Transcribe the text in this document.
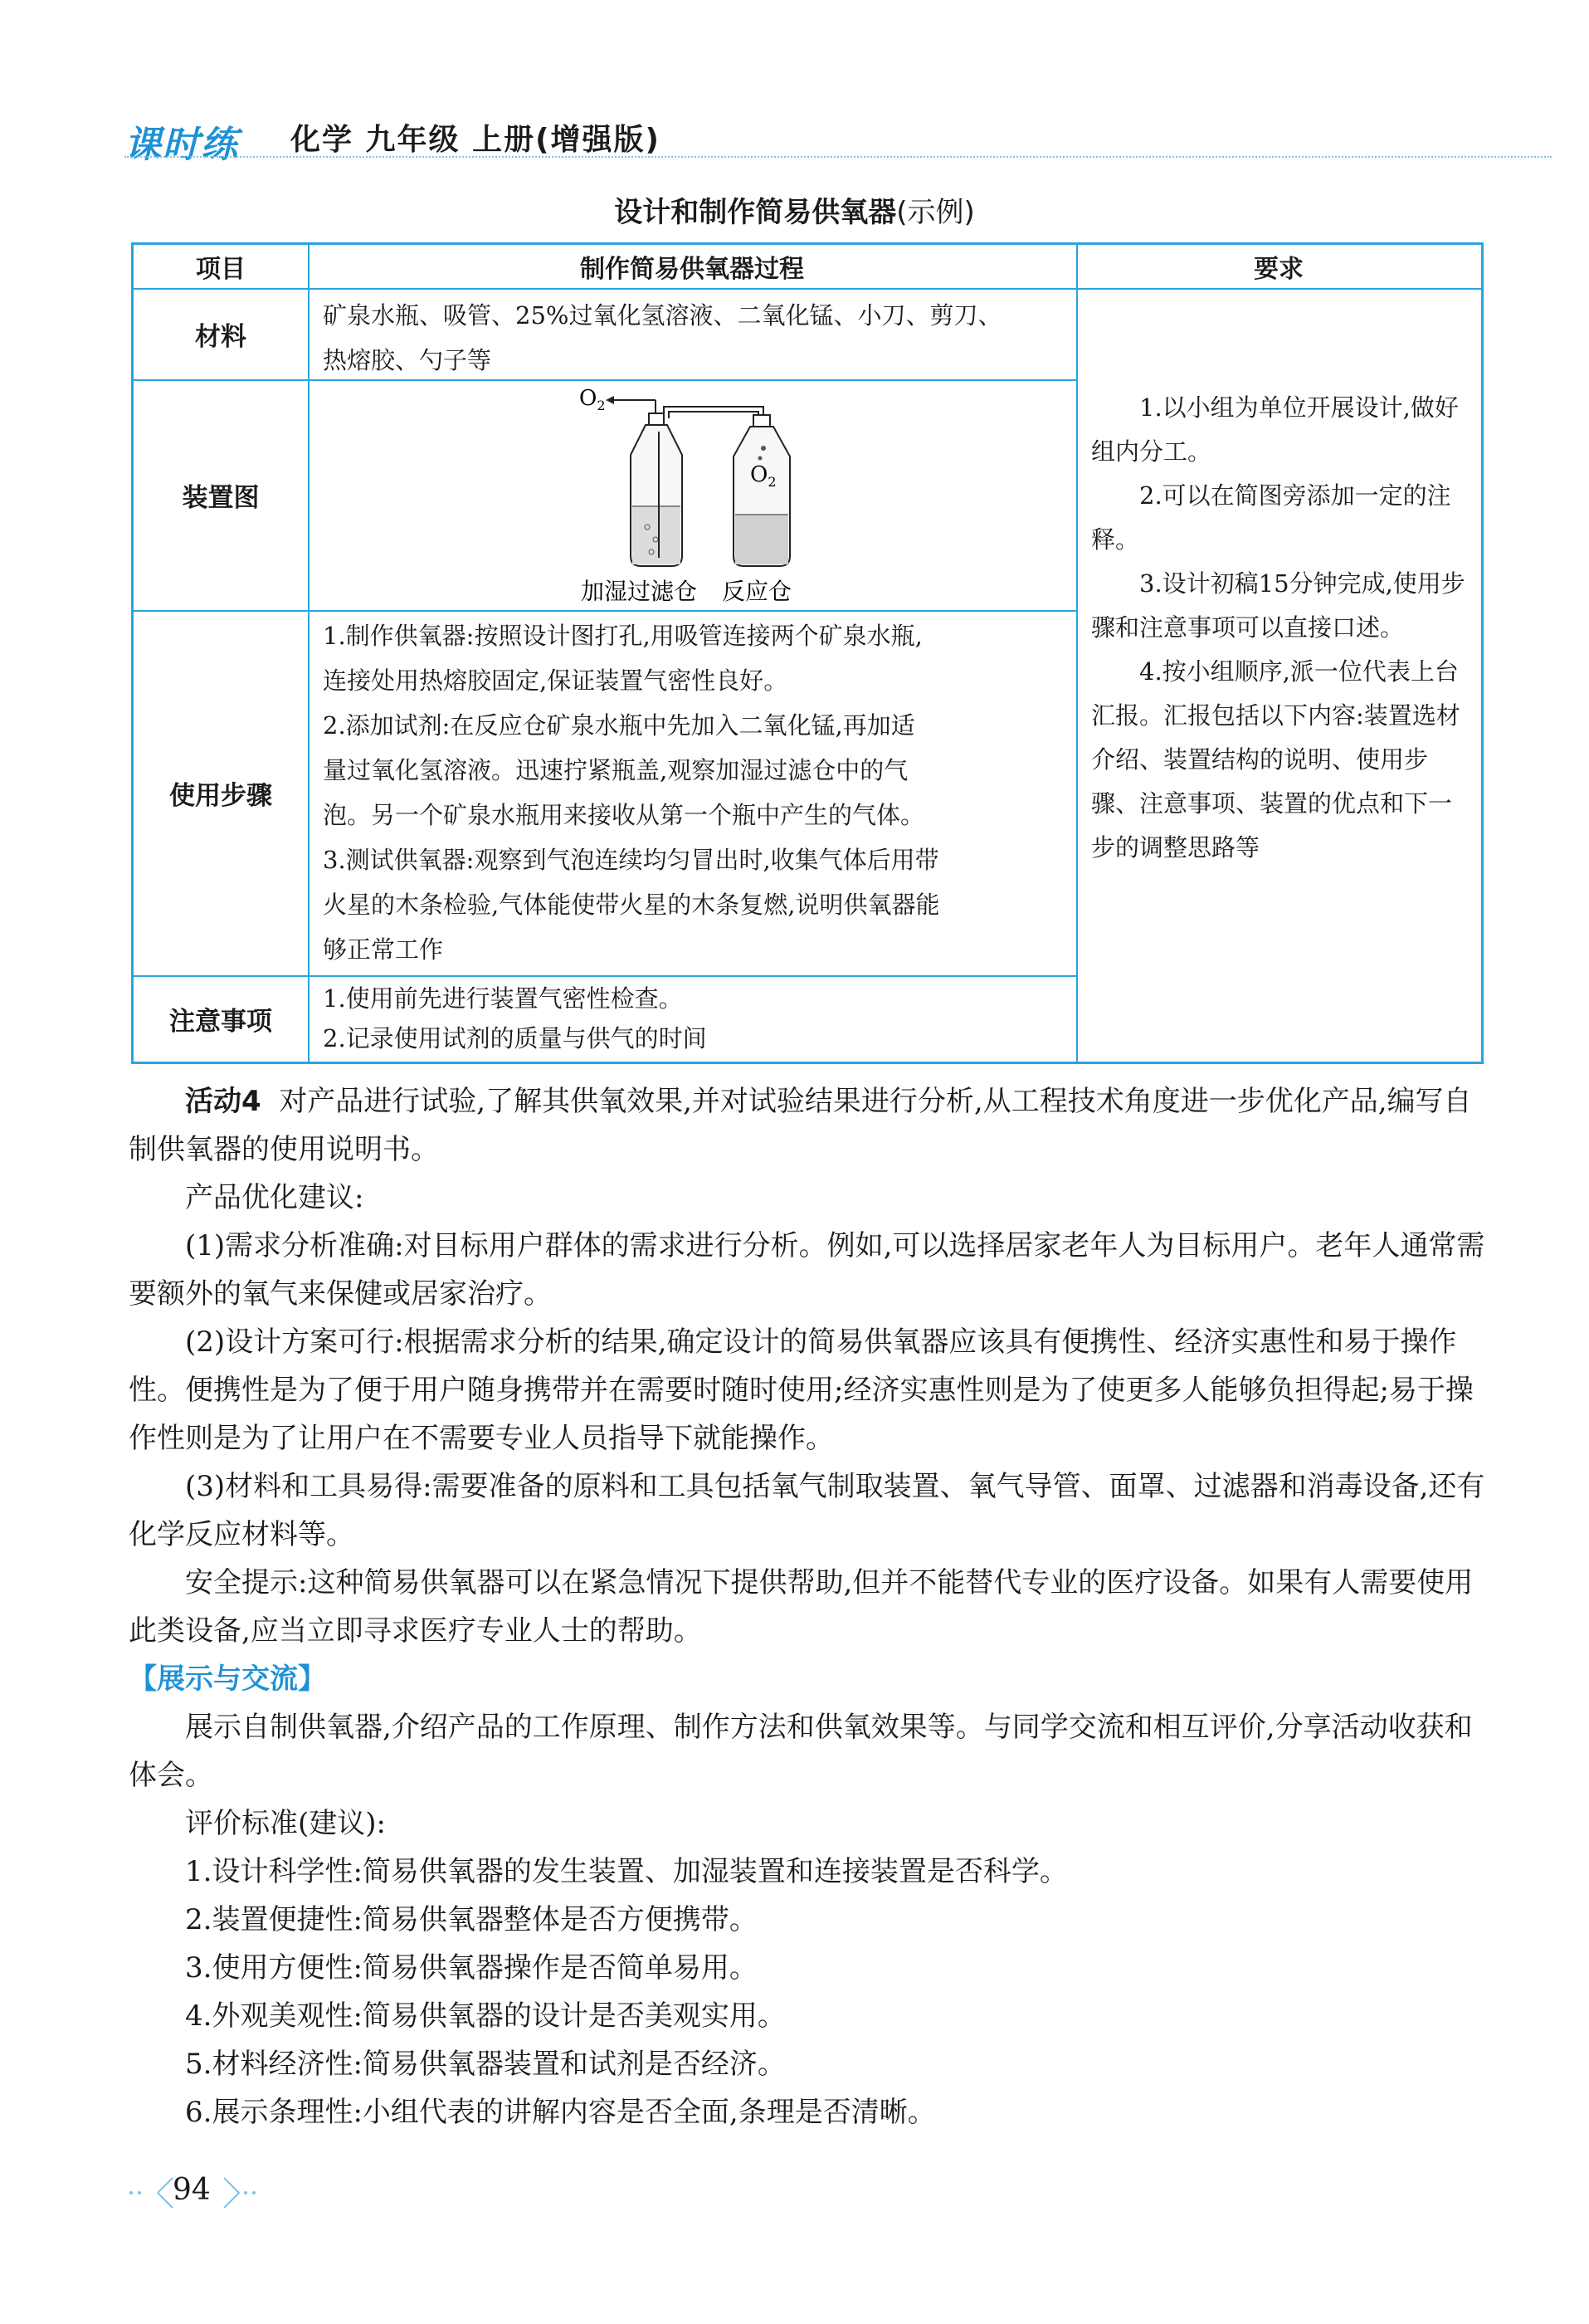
课时练 化学 九年级 上册(增强版)
设计和制作简易供氧器(示例)
项目	制作简易供氧器过程	要求
材料
装置图
使用步骤
注意事项
矿泉水瓶、吸管、25%过氧化氢溶液、二氧化锰、小刀、剪刀、
热熔胶、勺子等
1.制作供氧器:按照设计图打孔,用吸管连接两个矿泉水瓶,
连接处用热熔胶固定,保证装置气密性良好。
2.添加试剂:在反应仓矿泉水瓶中先加入二氧化锰,再加适
量过氧化氢溶液。迅速拧紧瓶盖,观察加湿过滤仓中的气
泡。另一个矿泉水瓶用来接收从第一个瓶中产生的气体。
3.测试供氧器:观察到气泡连续均匀冒出时,收集气体后用带
火星的木条检验,气体能使带火星的木条复燃,说明供氧器能
够正常工作
1.使用前先进行装置气密性检查。
2.记录使用试剂的质量与供气的时间

1.以小组为单位开展设计,做好组内分工。

2.可以在简图旁添加一定的注释。

3.设计初稿15分钟完成,使用步骤和注意事项可以直接口述。

4.按小组顺序,派一位代表上台汇报。汇报包括以下内容:装置选材介绍、装置结构的说明、使用步骤、注意事项、装置的优点和下一步的调整思路等

$O_2$
$O_2$
加湿过滤仓 反应仓

活动4 对产品进行试验,了解其供氧效果,并对试验结果进行分析,从工程技术角度进一步优化产品,编写自制供氧器的使用说明书。

产品优化建议:

(1)需求分析准确:对目标用户群体的需求进行分析。例如,可以选择居家老年人为目标用户。老年人通常需要额外的氧气来保健或居家治疗。

(2)设计方案可行:根据需求分析的结果,确定设计的简易供氧器应该具有便携性、经济实惠性和易于操作性。便携性是为了便于用户随身携带并在需要时随时使用;经济实惠性则是为了使更多人能够负担得起;易于操作性则是为了让用户在不需要专业人员指导下就能操作。

(3)材料和工具易得:需要准备的原料和工具包括氧气制取装置、氧气导管、面罩、过滤器和消毒设备,还有化学反应材料等。

安全提示:这种简易供氧器可以在紧急情况下提供帮助,但并不能替代专业的医疗设备。如果有人需要使用此类设备,应当立即寻求医疗专业人士的帮助。

【展示与交流】

展示自制供氧器,介绍产品的工作原理、制作方法和供氧效果等。与同学交流和相互评价,分享活动收获和体会。

评价标准(建议):

1.设计科学性:简易供氧器的发生装置、加湿装置和连接装置是否科学。

2.装置便捷性:简易供氧器整体是否方便携带。

3.使用方便性:简易供氧器操作是否简单易用。

4.外观美观性:简易供氧器的设计是否美观实用。

5.材料经济性:简易供氧器装置和试剂是否经济。

6.展示条理性:小组代表的讲解内容是否全面,条理是否清晰。

94
